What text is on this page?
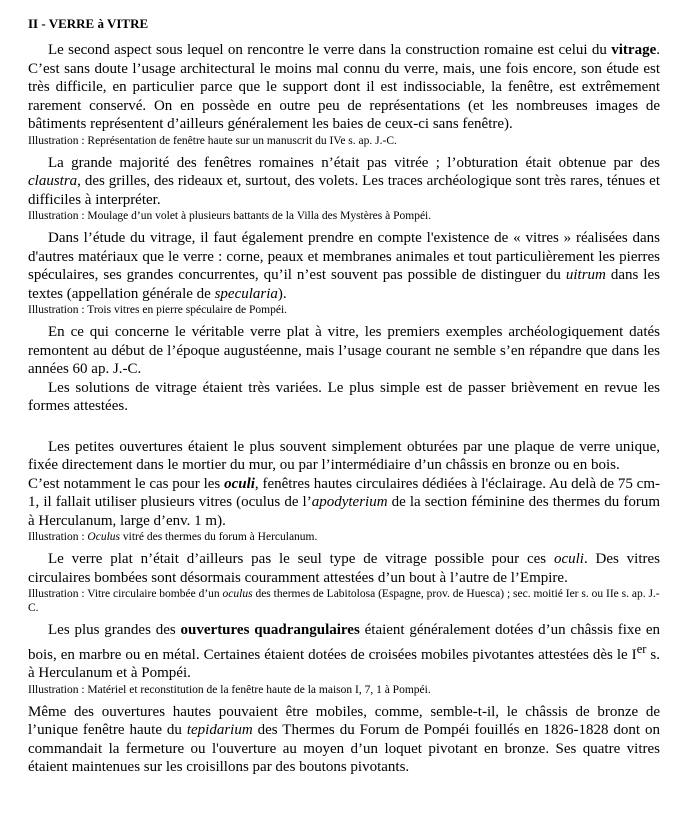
II - VERRE à VITRE

Le second aspect sous lequel on rencontre le verre dans la construction romaine est celui du vitrage. C’est sans doute l’usage architectural le moins mal connu du verre, mais, une fois encore, son étude est très difficile, en particulier parce que le support dont il est indissociable, la fenêtre, est extrêmement rarement conservé. On en possède en outre peu de représentations (et les nombreuses images de bâtiments représentent d’ailleurs généralement les baies de ceux-ci sans fenêtre).

Illustration : Représentation de fenêtre haute sur un manuscrit du IVe s. ap. J.-C.

La grande majorité des fenêtres romaines n’était pas vitrée ; l’obturation était obtenue par des claustra, des grilles, des rideaux et, surtout, des volets. Les traces archéologique sont très rares, ténues et difficiles à interpréter.

Illustration : Moulage d’un volet à plusieurs battants de la Villa des Mystères à Pompéi.

Dans l’étude du vitrage, il faut également prendre en compte l'existence de « vitres » réalisées dans d'autres matériaux que le verre : corne, peaux et membranes animales et tout particulièrement les pierres spéculaires, ses grandes concurrentes, qu’il n’est souvent pas possible de distinguer du uitrum dans les textes (appellation générale de specularia).

Illustration : Trois vitres en pierre spéculaire de Pompéi.

En ce qui concerne le véritable verre plat à vitre, les premiers exemples archéologiquement datés remontent au début de l’époque augustéenne, mais l’usage courant ne semble s’en répandre que dans les années 60 ap. J.-C.

Les solutions de vitrage étaient très variées. Le plus simple est de passer brièvement en revue les formes attestées.

Les petites ouvertures étaient le plus souvent simplement obturées par une plaque de verre unique, fixée directement dans le mortier du mur, ou par l’intermédiaire d’un châssis en bronze ou en bois.

C’est notamment le cas pour les oculi, fenêtres hautes circulaires dédiées à l'éclairage. Au delà de 75 cm-1, il fallait utiliser plusieurs vitres (oculus de l’apodyterium de la section féminine des thermes du forum à Herculanum, large d’env. 1 m).

Illustration : Oculus vitré des thermes du forum à Herculanum.

Le verre plat n’était d’ailleurs pas le seul type de vitrage possible pour ces oculi. Des vitres circulaires bombées sont désormais couramment attestées d’un bout à l’autre de l’Empire.

Illustration : Vitre circulaire bombée d’un oculus des thermes de Labitolosa (Espagne, prov. de Huesca) ; sec. moitié Ier s. ou IIe s. ap. J.-C.

Les plus grandes des ouvertures quadrangulaires étaient généralement dotées d’un châssis fixe en bois, en marbre ou en métal. Certaines étaient dotées de croisées mobiles pivotantes attestées dès le Ier s. à Herculanum et à Pompéi.

Illustration : Matériel et reconstitution de la fenêtre haute de la maison I, 7, 1 à Pompéi.

Même des ouvertures hautes pouvaient être mobiles, comme, semble-t-il, le châssis de bronze de l’unique fenêtre haute du tepidarium des Thermes du Forum de Pompéi fouillés en 1826-1828 dont on commandait la fermeture ou l'ouverture au moyen d’un loquet pivotant en bronze. Ses quatre vitres étaient maintenues sur les croisillons par des boutons pivotants.
